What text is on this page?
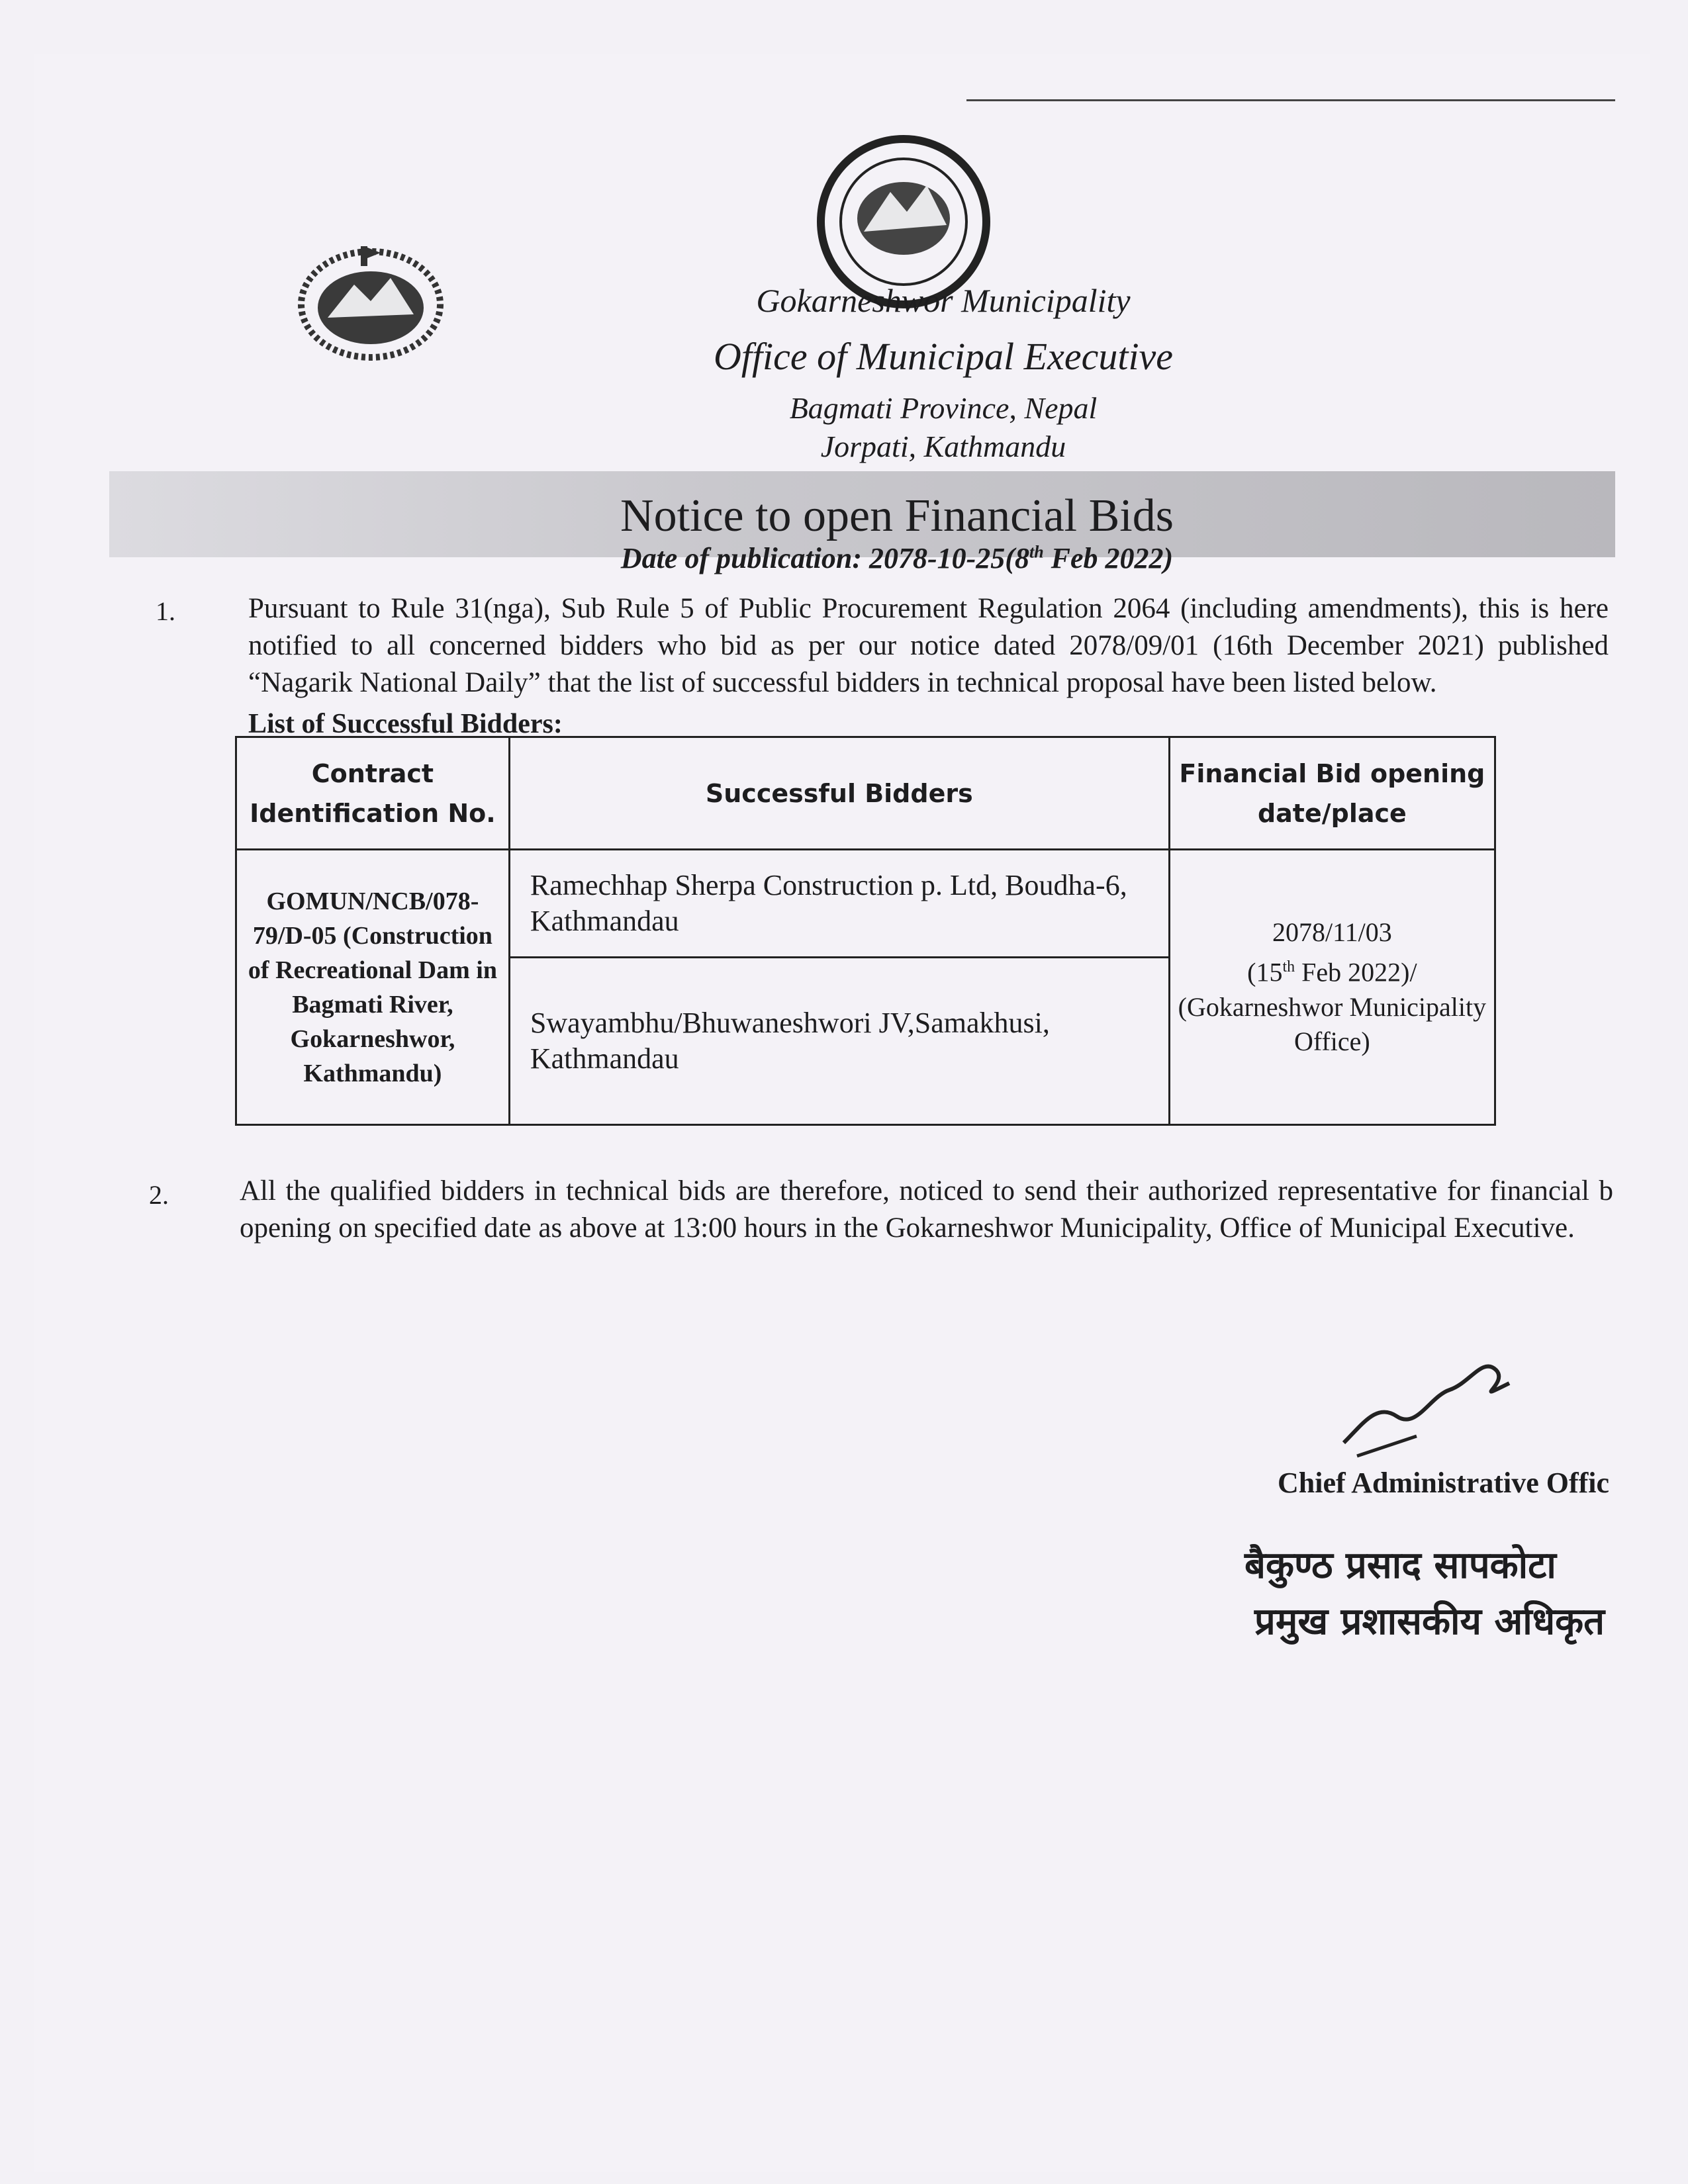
Gokarneshwor Municipality
Office of Municipal Executive
Bagmati Province, Nepal
Jorpati, Kathmandu
Notice to open Financial Bids
Date of publication: 2078-10-25(8th Feb 2022)
1.	Pursuant to Rule 31(nga), Sub Rule 5 of Public Procurement Regulation 2064 (including amendments), this is here notified to all concerned bidders who bid as per our notice dated 2078/09/01 (16th December 2021) published “Nagarik National Daily” that the list of successful bidders in technical proposal have been listed below.
List of Successful Bidders:
Contract Identification No.	Successful Bidders	Financial Bid opening date/place
GOMUN/NCB/078-79/D-05 (Construction of Recreational Dam in Bagmati River, Gokarneshwor, Kathmandu)	Ramechhap Sherpa Construction p. Ltd, Boudha-6, Kathmandau	2078/11/03
(15th Feb 2022)/
(Gokarneshwor Municipality Office)

	Swayambhu/Bhuwaneshwori JV,Samakhusi, Kathmandau	
2. All the qualified bidders in technical bids are therefore, noticed to send their authorized representative for financial b opening on specified date as above at 13:00 hours in the Gokarneshwor Municipality, Office of Municipal Executive.
Chief Administrative Offic
बैकुण्ठ प्रसाद सापकोटा
प्रमुख प्रशासकीय अधिकृत
